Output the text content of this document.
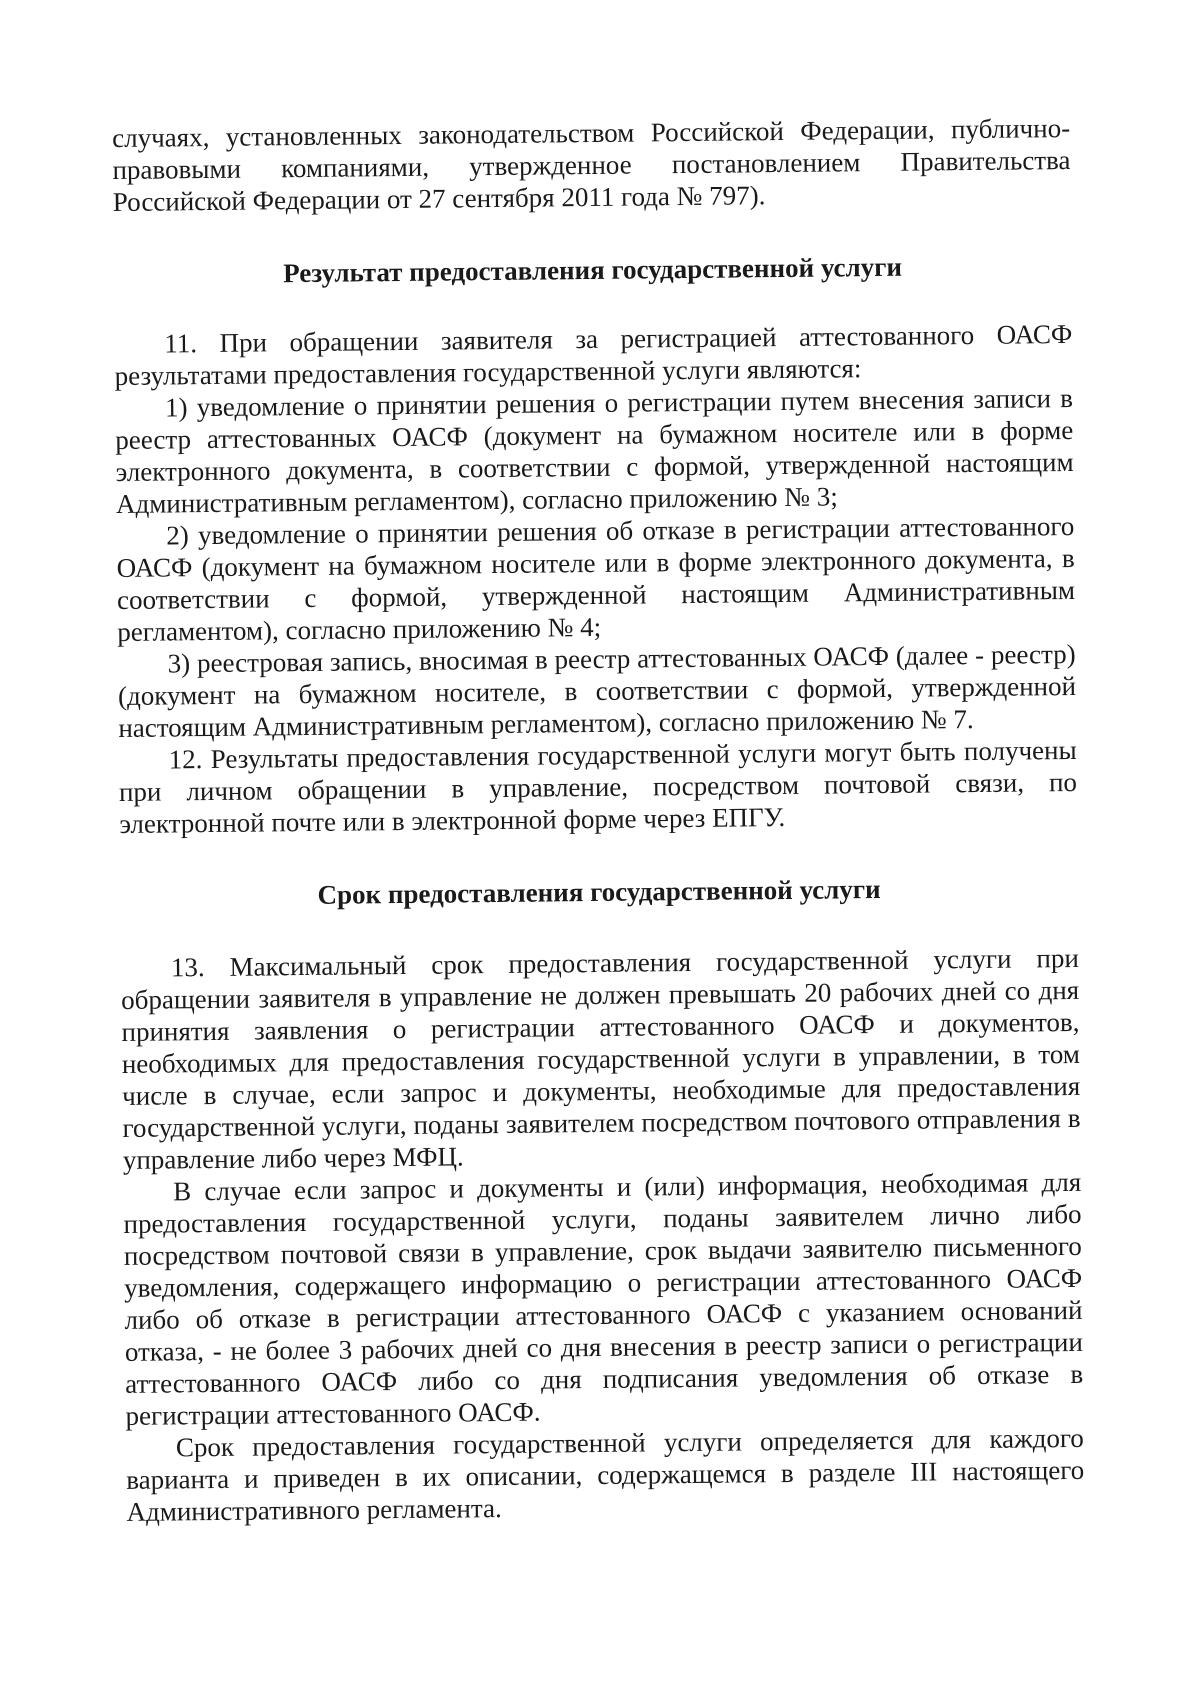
случаях, установленных законодательством Российской Федерации, публично-правовыми компаниями, утвержденное постановлением Правительства Российской Федерации от 27 сентября 2011 года № 797).

Результат предоставления государственной услуги

11. При обращении заявителя за регистрацией аттестованного ОАСФ результатами предоставления государственной услуги являются:

1) уведомление о принятии решения о регистрации путем внесения записи в реестр аттестованных ОАСФ (документ на бумажном носителе или в форме электронного документа, в соответствии с формой, утвержденной настоящим Административным регламентом), согласно приложению № 3;

2) уведомление о принятии решения об отказе в регистрации аттестованного ОАСФ (документ на бумажном носителе или в форме электронного документа, в соответствии с формой, утвержденной настоящим Административным регламентом), согласно приложению № 4;

3) реестровая запись, вносимая в реестр аттестованных ОАСФ (далее - реестр) (документ на бумажном носителе, в соответствии с формой, утвержденной настоящим Административным регламентом), согласно приложению № 7.

12. Результаты предоставления государственной услуги могут быть получены при личном обращении в управление, посредством почтовой связи, по электронной почте или в электронной форме через ЕПГУ.

Срок предоставления государственной услуги

13. Максимальный срок предоставления государственной услуги при обращении заявителя в управление не должен превышать 20 рабочих дней со дня принятия заявления о регистрации аттестованного ОАСФ и документов, необходимых для предоставления государственной услуги в управлении, в том числе в случае, если запрос и документы, необходимые для предоставления государственной услуги, поданы заявителем посредством почтового отправления в управление либо через МФЦ.

В случае если запрос и документы и (или) информация, необходимая для предоставления государственной услуги, поданы заявителем лично либо посредством почтовой связи в управление, срок выдачи заявителю письменного уведомления, содержащего информацию о регистрации аттестованного ОАСФ либо об отказе в регистрации аттестованного ОАСФ с указанием оснований отказа, - не более 3 рабочих дней со дня внесения в реестр записи о регистрации аттестованного ОАСФ либо со дня подписания уведомления об отказе в регистрации аттестованного ОАСФ.

Срок предоставления государственной услуги определяется для каждого варианта и приведен в их описании, содержащемся в разделе III настоящего Административного регламента.
